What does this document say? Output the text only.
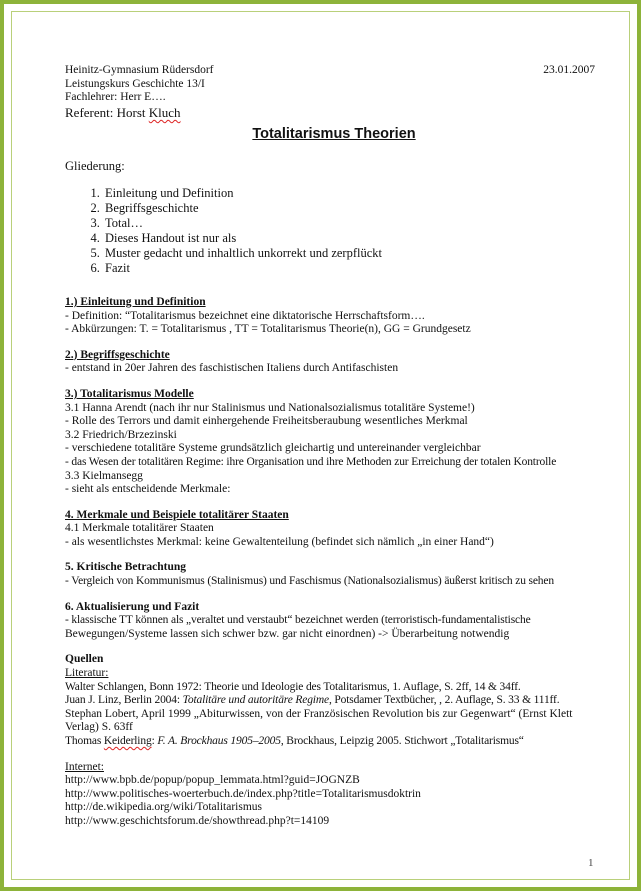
Heinitz-Gymnasium Rüdersdorf	23.01.2007
Leistungskurs Geschichte 13/I
Fachlehrer: Herr E….
Referent: Horst Kluch
Totalitarismus Theorien
Gliederung:
1. Einleitung und Definition
2. Begriffsgeschichte
3. Total…
4. Dieses Handout ist nur als
5. Muster gedacht und inhaltlich unkorrekt und zerpflückt
6. Fazit
1.) Einleitung und Definition
- Definition: “Totalitarismus bezeichnet eine diktatorische Herrschaftsform….
- Abkürzungen: T. = Totalitarismus , TT = Totalitarismus Theorie(n), GG = Grundgesetz
2.) Begriffsgeschichte
- entstand in 20er Jahren des faschistischen Italiens durch Antifaschisten
3.) Totalitarismus Modelle
3.1 Hanna Arendt (nach ihr nur Stalinismus und Nationalsozialismus totalitäre Systeme!)
- Rolle des Terrors und damit einhergehende Freiheitsberaubung wesentliches Merkmal
3.2 Friedrich/Brzezinski
- verschiedene totalitäre Systeme grundsätzlich gleichartig und untereinander vergleichbar
- das Wesen der totalitären Regime: ihre Organisation und ihre Methoden zur Erreichung der totalen Kontrolle
3.3 Kielmansegg
- sieht als entscheidende Merkmale:
4. Merkmale und Beispiele totalitärer Staaten
4.1 Merkmale totalitärer Staaten
- als wesentlichstes Merkmal: keine Gewaltenteilung (befindet sich nämlich „in einer Hand“)
5. Kritische Betrachtung
- Vergleich von Kommunismus (Stalinismus) und Faschismus (Nationalsozialismus) äußerst kritisch zu sehen
6. Aktualisierung und Fazit
- klassische TT können als „veraltet und verstaubt“ bezeichnet werden (terroristisch-fundamentalistische
Bewegungen/Systeme lassen sich schwer bzw. gar nicht einordnen) -> Überarbeitung notwendig
Quellen
Literatur:
Walter Schlangen, Bonn 1972: Theorie und Ideologie des Totalitarismus, 1. Auflage, S. 2ff, 14 & 34ff.
Juan J. Linz, Berlin 2004: Totalitäre und autoritäre Regime, Potsdamer Textbücher, , 2. Auflage, S. 33 & 111ff.
Stephan Lobert, April 1999 „Abiturwissen, von der Französischen Revolution bis zur Gegenwart“ (Ernst Klett Verlag) S. 63ff
Thomas Keiderling: F. A. Brockhaus 1905–2005, Brockhaus, Leipzig 2005. Stichwort „Totalitarismus“
Internet:
http://www.bpb.de/popup/popup_lemmata.html?guid=JOGNZB
http://www.politisches-woerterbuch.de/index.php?title=Totalitarismusdoktrin
http://de.wikipedia.org/wiki/Totalitarismus
http://www.geschichtsforum.de/showthread.php?t=14109
1
